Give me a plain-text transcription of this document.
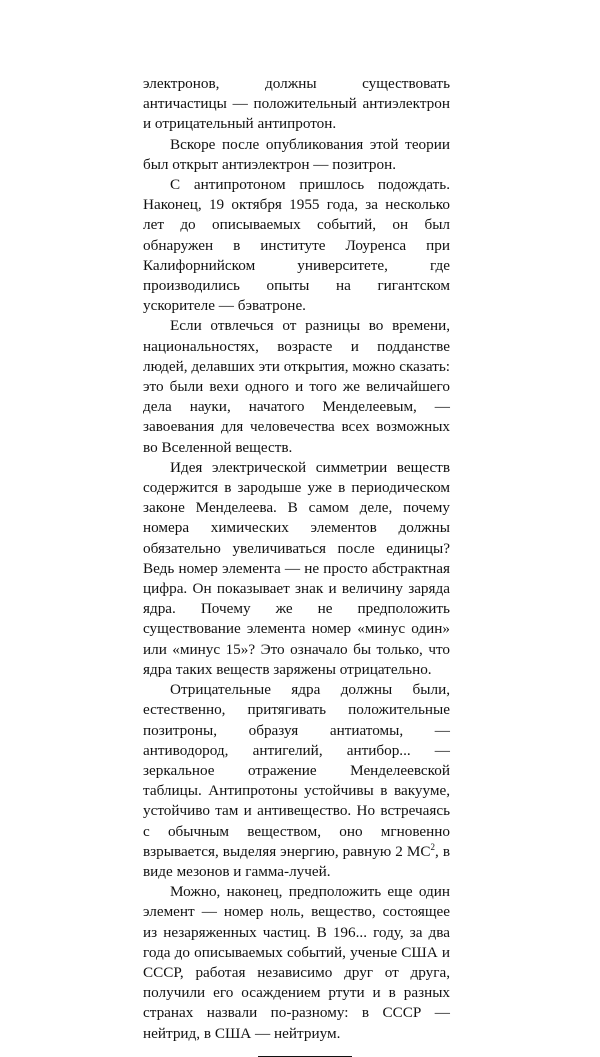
электронов, должны существовать античастицы — положительный антиэлектрон и отрицательный антипротон.

Вскоре после опубликования этой теории был открыт антиэлектрон — позитрон.

С антипротоном пришлось подождать. Наконец, 19 октября 1955 года, за несколько лет до описываемых событий, он был обнаружен в институте Лоуренса при Калифорнийском университете, где производились опыты на гигантском ускорителе — бэватроне.

Если отвлечься от разницы во времени, национальностях, возрасте и подданстве людей, делавших эти открытия, можно сказать: это были вехи одного и того же величайшего дела науки, начатого Менделеевым, — завоевания для человечества всех возможных во Вселенной веществ.

Идея электрической симметрии веществ содержится в зародыше уже в периодическом законе Менделеева. В самом деле, почему номера химических элементов должны обязательно увеличиваться после единицы? Ведь номер элемента — не просто абстрактная цифра. Он показывает знак и величину заряда ядра. Почему же не предположить существование элемента номер «минус один» или «минус 15»? Это означало бы только, что ядра таких веществ заряжены отрицательно.

Отрицательные ядра должны были, естественно, притягивать положительные позитроны, образуя антиатомы, — антиводород, антигелий, антибор... — зеркальное отражение Менделеевской таблицы. Антипротоны устойчивы в вакууме, устойчиво там и антивещество. Но встречаясь с обычным веществом, оно мгновенно взрывается, выделяя энергию, равную 2 $МС^2$, в виде мезонов и гамма-лучей.

Можно, наконец, предположить еще один элемент — номер ноль, вещество, состоящее из незаряженных частиц. В 196... году, за два года до описываемых событий, ученые США и СССР, работая независимо друг от друга, получили его осаждением ртути и в разных странах назвали по-разному: в СССР — нейтрид, в США — нейтриум.
